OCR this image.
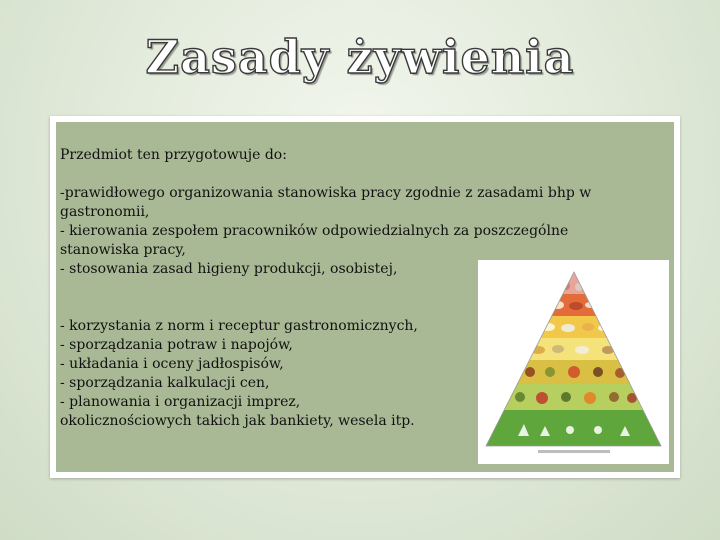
Zasady żywienia

Przedmiot ten przygotowuje do:

-prawidłowego organizowania stanowiska pracy zgodnie z zasadami bhp w

gastronomii,

- kierowania zespołem pracowników odpowiedzialnych za poszczególne

stanowiska pracy,

- stosowania zasad higieny produkcji, osobistej,

- korzystania z norm i receptur gastronomicznych,

- sporządzania potraw i napojów,

- układania i oceny jadłospisów,

- sporządzania kalkulacji cen,

- planowania i organizacji imprez,

okolicznościowych takich jak bankiety, wesela itp.
